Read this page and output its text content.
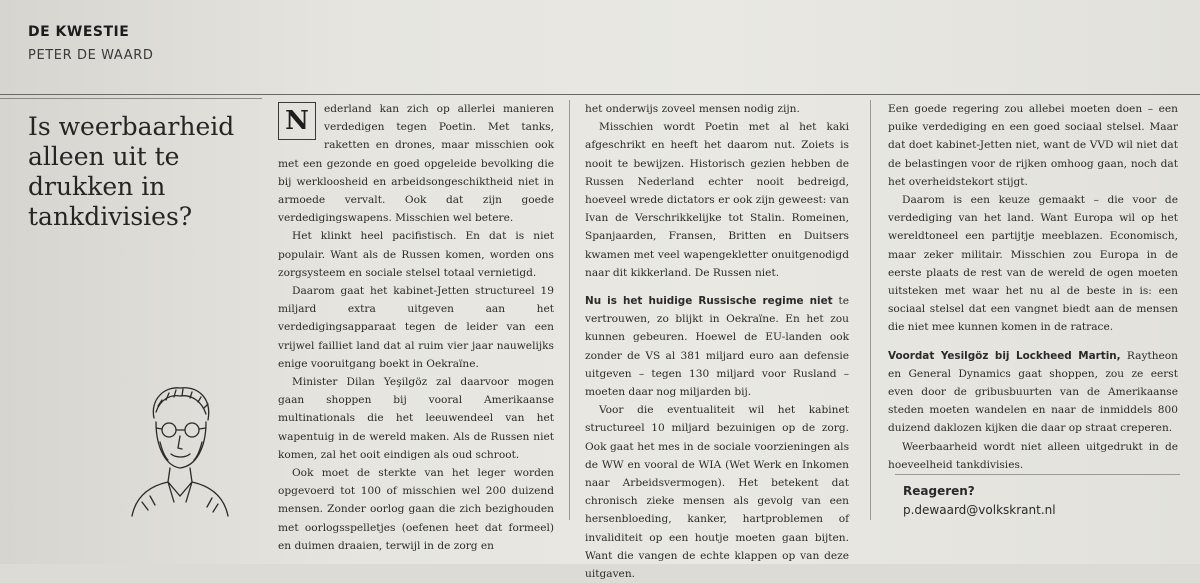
DE KWESTIE
PETER DE WAARD
Is weerbaarheid alleen uit te drukken in tankdivisies?

N	ederland kan zich op allerlei manieren verdedigen tegen Poetin. Met tanks, raketten en drones, maar misschien ook met een gezonde en goed opgeleide bevolking die bij werkloosheid en arbeidsongeschiktheid niet in armoede vervalt. Ook dat zijn goede verdedigingswapens. Misschien wel betere.

Het klinkt heel pacifistisch. En dat is niet populair. Want als de Russen komen, worden ons zorgsysteem en sociale stelsel totaal vernietigd.

Daarom gaat het kabinet-Jetten structureel 19 miljard extra uitgeven aan het verdedigingsapparaat tegen de leider van een vrijwel failliet land dat al ruim vier jaar nauwelijks enige vooruitgang boekt in Oekraïne.

Minister Dilan Yeşilgöz zal daarvoor mogen gaan shoppen bij vooral Amerikaanse multinationals die het leeuwendeel van het wapentuig in de wereld maken. Als de Russen niet komen, zal het ooit eindigen als oud schroot.

Ook moet de sterkte van het leger worden opgevoerd tot 100 of misschien wel 200 duizend mensen. Zonder oorlog gaan die zich bezighouden met oorlogsspelletjes (oefenen heet dat formeel) en duimen draaien, terwijl in de zorg en

het onderwijs zoveel mensen nodig zijn.

Misschien wordt Poetin met al het kaki afgeschrikt en heeft het daarom nut. Zoiets is nooit te bewijzen. Historisch gezien hebben de Russen Nederland echter nooit bedreigd, hoeveel wrede dictators er ook zijn geweest: van Ivan de Verschrikkelijke tot Stalin. Romeinen, Spanjaarden, Fransen, Britten en Duitsers kwamen met veel wapengekletter onuitgenodigd naar dit kikkerland. De Russen niet.

Nu is het huidige Russische regime niet te vertrouwen, zo blijkt in Oekraïne. En het zou kunnen gebeuren. Hoewel de EU-landen ook zonder de VS al 381 miljard euro aan defensie uitgeven – tegen 130 miljard voor Rusland – moeten daar nog miljarden bij.

Voor die eventualiteit wil het kabinet structureel 10 miljard bezuinigen op de zorg. Ook gaat het mes in de sociale voorzieningen als de WW en vooral de WIA (Wet Werk en Inkomen naar Arbeidsvermogen). Het betekent dat chronisch zieke mensen als gevolg van een hersenbloeding, kanker, hartproblemen of invaliditeit op een houtje moeten gaan bijten. Want die vangen de echte klappen op van deze uitgaven.

Een goede regering zou allebei moeten doen – een puike verdediging en een goed sociaal stelsel. Maar dat doet kabinet-Jetten niet, want de VVD wil niet dat de belastingen voor de rijken omhoog gaan, noch dat het overheidstekort stijgt.

Daarom is een keuze gemaakt – die voor de verdediging van het land. Want Europa wil op het wereldtoneel een partijtje meeblazen. Economisch, maar zeker militair. Misschien zou Europa in de eerste plaats de rest van de wereld de ogen moeten uitsteken met waar het nu al de beste in is: een sociaal stelsel dat een vangnet biedt aan de mensen die niet mee kunnen komen in de ratrace.

Voordat Yesilgöz bij Lockheed Martin, Raytheon en General Dynamics gaat shoppen, zou ze eerst even door de gribusbuurten van de Amerikaanse steden moeten wandelen en naar de inmiddels 800 duizend daklozen kijken die daar op straat creperen.

Weerbaarheid wordt niet alleen uitgedrukt in de hoeveelheid tankdivisies.

Reageren?
p.dewaard@volkskrant.nl
